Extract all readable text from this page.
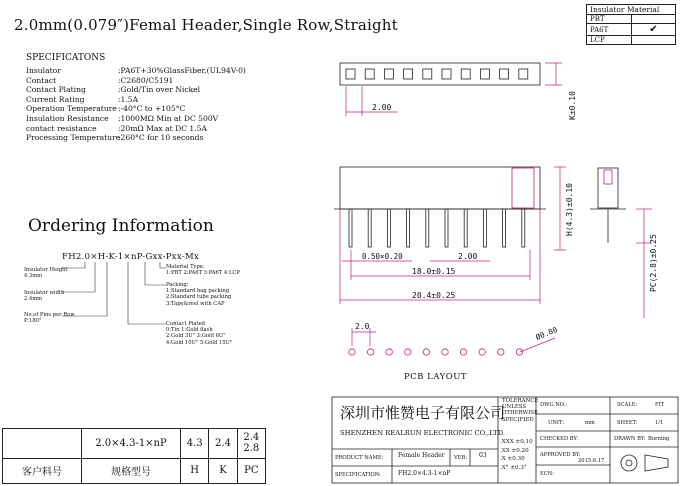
2.0mm(0.079″)Femal Header,Single Row,Straight
SPECIFICATONS
Insulator	:PA6T+30%GlassFiber,(UL94V-0)
Contact	:C2680/C5191
Contact Plating	:Gold/Tin over Nickel
Current Rating	:1.5A
Operation Temperature:-40°C to +105°C
Insulation Resistance :1000MΩ Min at DC 500V
contact resistance	:20mΩ Max at DC 1.5A
Processing Temperature:260°C for 10 seconds
Insulator Material	
PBT	
PA6T	✔
LCP	
Ordering Information
FH2.0×H-K-1×nP-Gxx-Pxx-Mx
Insulator Height
4.3mm
Insulator width
2.4mm
No.of Pins per Row
P:180°
Material Type:
1:PBT 2:PA6T 3:PA6T 4:LCP
Packing:
1:Standard bag packing
2:Standard tube packing
3:Tape&reel with CAP
Contact Plated
0:Tin 1:Gold flash
2:Gold 3U" 3:Gold 6U"
4:Gold 10U" 5:Gold 15U"
2.00	K±0.10
0.50×0.20	2.00
18.0±0.15
20.4±0.25
H(4.3)±0.10
PC(2.8)±0.25
2.0	Ø0.80
PCB LAYOUT
深圳市惟赞电子有限公司
SHENZHEN REALRUN ELECTRONIC CO.,LTD.
TOLERANCE
UNLESS
OTHERWISE
SPECIFIED
.XXX ±0.10
.XX ±0.20
.X ±0.30
.X° ±0.3°
DWG NO.:	SCALE:	FIT
UNIT:	mm	SHEET:	1/1
CHECKED BY:	DRAWN BY: Burning
APPROVED BY:
2015.6.17
ECN:
PRODUCT NAME: Female Header VER: 03
SPECIFICATION:	FH2.0×4.3-1×nP
	2.0×4.3-1×nP	4.3	2.4	2.4
2.8

客户料号	规格型号	H	K	PC
